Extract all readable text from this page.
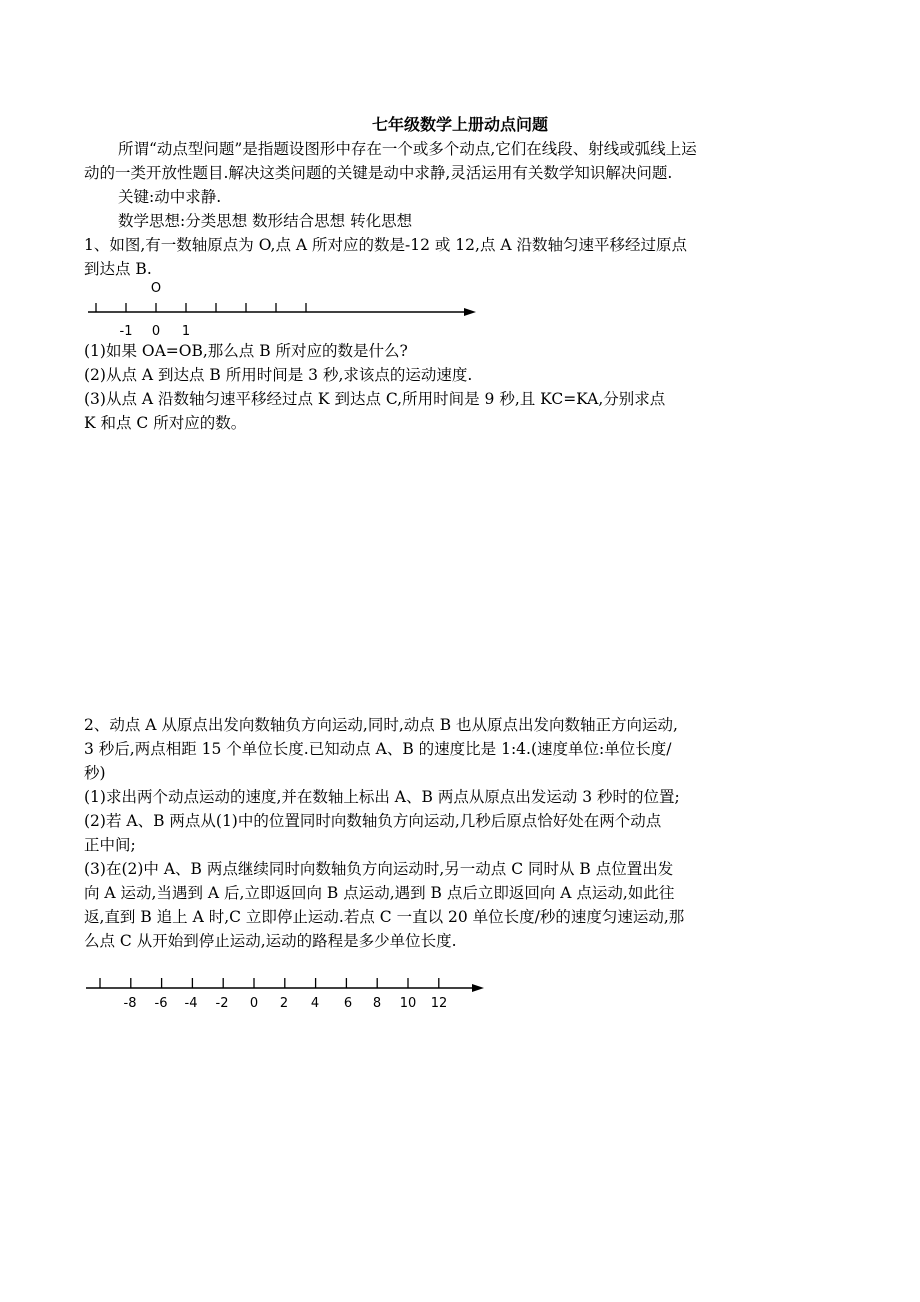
七年级数学上册动点问题
所谓“动点型问题”是指题设图形中存在一个或多个动点,它们在线段、射线或弧线上运
动的一类开放性题目.解决这类问题的关键是动中求静,灵活运用有关数学知识解决问题.
关键:动中求静.
数学思想:分类思想 数形结合思想 转化思想
1、如图,有一数轴原点为 O,点 A 所对应的数是-12 或 12,点 A 沿数轴匀速平移经过原点
到达点 B.
O
-1 0 1
(1)如果 OA=OB,那么点 B 所对应的数是什么?
(2)从点 A 到达点 B 所用时间是 3 秒,求该点的运动速度.
(3)从点 A 沿数轴匀速平移经过点 K 到达点 C,所用时间是 9 秒,且 KC=KA,分别求点
K 和点 C 所对应的数。
2、动点 A 从原点出发向数轴负方向运动,同时,动点 B 也从原点出发向数轴正方向运动,
3 秒后,两点相距 15 个单位长度.已知动点 A、B 的速度比是 1:4.(速度单位:单位长度/
秒)
(1)求出两个动点运动的速度,并在数轴上标出 A、B 两点从原点出发运动 3 秒时的位置;
(2)若 A、B 两点从(1)中的位置同时向数轴负方向运动,几秒后原点恰好处在两个动点
正中间;
(3)在(2)中 A、B 两点继续同时向数轴负方向运动时,另一动点 C 同时从 B 点位置出发
向 A 运动,当遇到 A 后,立即返回向 B 点运动,遇到 B 点后立即返回向 A 点运动,如此往
返,直到 B 追上 A 时,C 立即停止运动.若点 C 一直以 20 单位长度/秒的速度匀速运动,那
么点 C 从开始到停止运动,运动的路程是多少单位长度.
-8 -6 -4 -2 0 2 4 6 8 10 12
